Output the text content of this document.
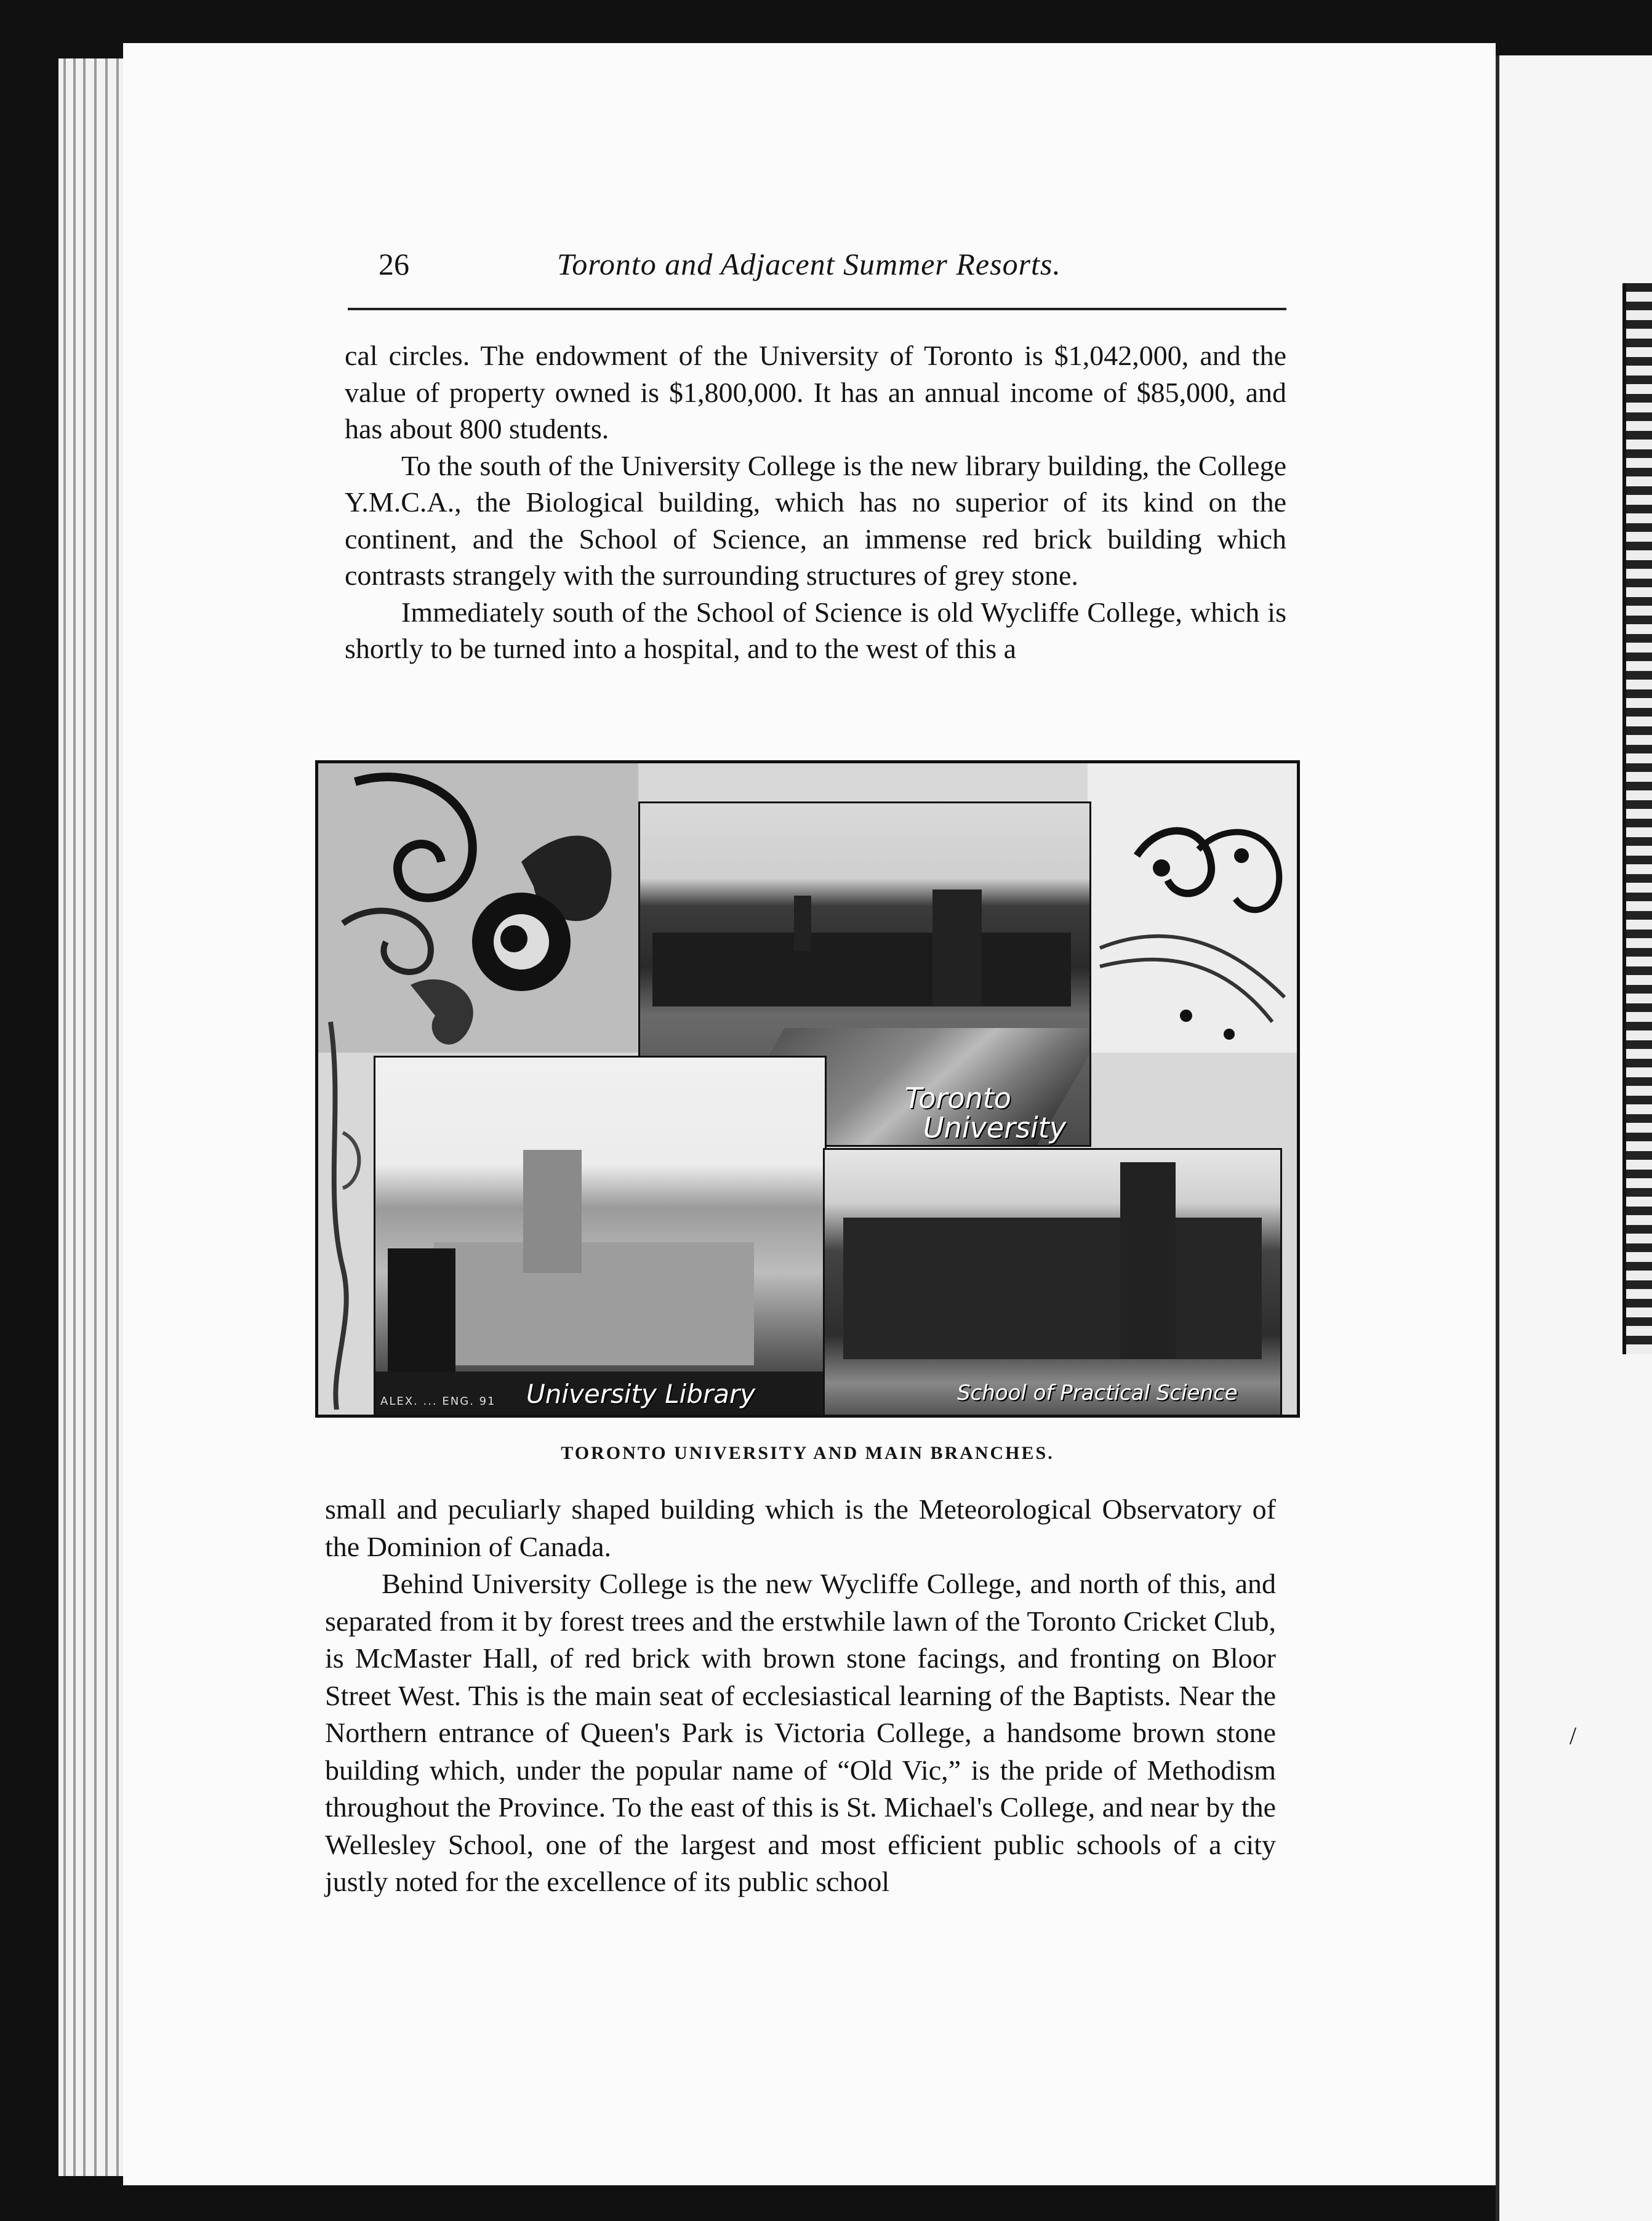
✓
/
26	Toronto and Adjacent Summer Resorts.

cal circles. The endowment of the University of Toronto is $1,042,000, and the value of property owned is $1,800,000. It has an annual income of $85,000, and has about 800 students.

To the south of the University College is the new library building, the College Y.M.C.A., the Biological building, which has no superior of its kind on the continent, and the School of Science, an immense red brick building which contrasts strangely with the surrounding structures of grey stone.

Immediately south of the School of Science is old Wycliffe College, which is shortly to be turned into a hospital, and to the west of this a

Toronto
University
University Library
ALEX. ... ENG. 91	School of Practical Science
TORONTO UNIVERSITY AND MAIN BRANCHES.

small and peculiarly shaped building which is the Meteorological Observatory of the Dominion of Canada.

Behind University College is the new Wycliffe College, and north of this, and separated from it by forest trees and the erstwhile lawn of the Toronto Cricket Club, is McMaster Hall, of red brick with brown stone facings, and fronting on Bloor Street West. This is the main seat of ecclesiastical learning of the Baptists. Near the Northern entrance of Queen's Park is Victoria College, a handsome brown stone building which, under the popular name of “Old Vic,” is the pride of Methodism throughout the Province. To the east of this is St. Michael's College, and near by the Wellesley School, one of the largest and most efficient public schools of a city justly noted for the excellence of its public school
